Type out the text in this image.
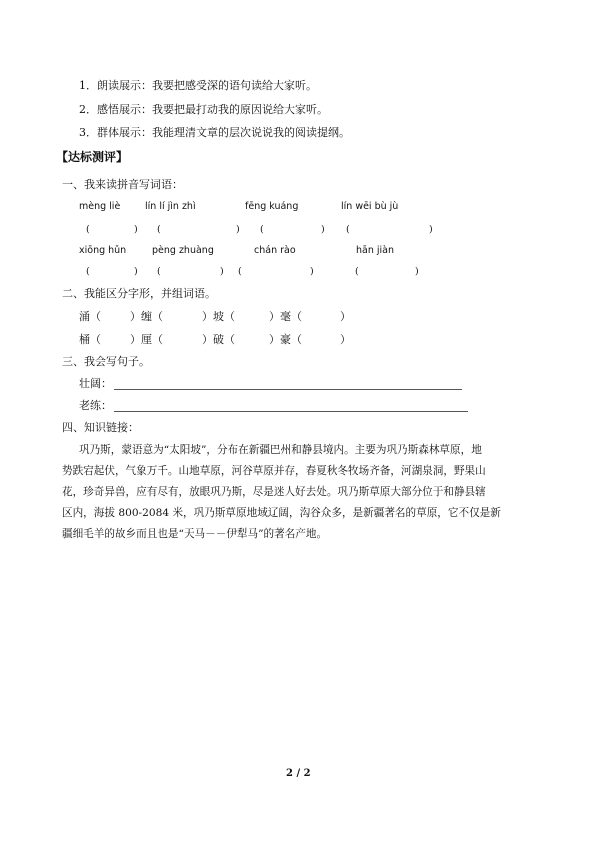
1．朗读展示：我要把感受深的语句读给大家听。
2．感悟展示：我要把最打动我的原因说给大家听。
3．群体展示：我能理清文章的层次说说我的阅读提纲。
【达标测评】
一、我来读拼音写词语：
mèng liè	lín lí jìn zhì	fēng kuáng	lín wēi bù jù
(	) (	) (	) (	)
xiōng hǔn	pèng zhuàng	chán rào	hān jiàn
(	) (	) (	)	(	)
二、我能区分字形，并组词语。
涌（	）缠（	）坡（	）毫（	）
桶（	）厘（	）破（	）豪（	）
三、我会写句子。
壮阔：
老练：
四、知识链接：
巩乃斯，蒙语意为“太阳坡”，分布在新疆巴州和静县境内。主要为巩乃斯森林草原，地
势跌宕起伏，气象万千。山地草原，河谷草原并存，春夏秋冬牧场齐备，河湖泉洞，野果山
花，珍奇异兽，应有尽有，放眼巩乃斯，尽是迷人好去处。巩乃斯草原大部分位于和静县辖
区内，海拔 800-2084 米，巩乃斯草原地域辽阔，沟谷众多，是新疆著名的草原，它不仅是新
疆细毛羊的故乡而且也是“天马－－伊犁马”的著名产地。
2 / 2
